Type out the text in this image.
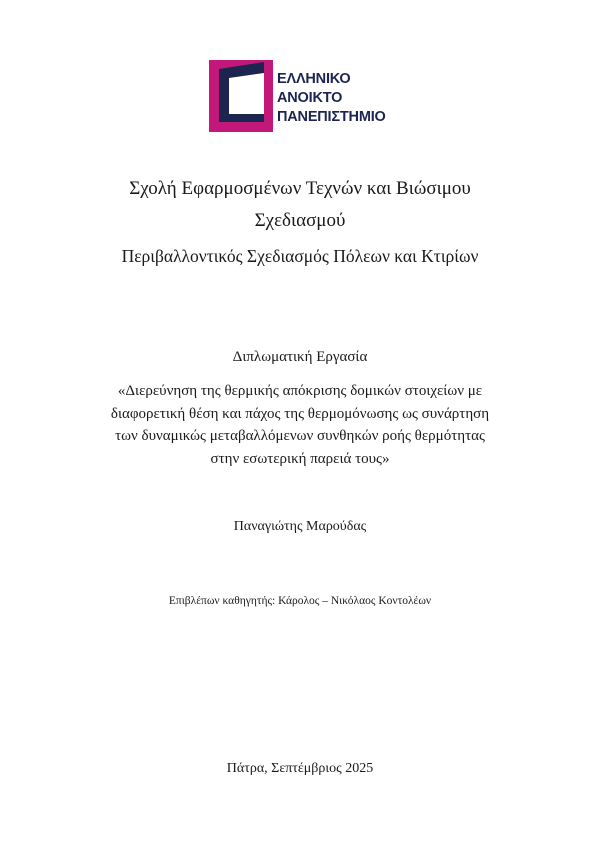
ΕΛΛΗΝΙΚΟ
ΑΝΟΙΚΤΟ
ΠΑΝΕΠΙΣΤΗΜΙΟ
Σχολή Εφαρμοσμένων Τεχνών και Βιώσιμου
Σχεδιασμού
Περιβαλλοντικός Σχεδιασμός Πόλεων και Κτιρίων
Διπλωματική Εργασία
«Διερεύνηση της θερμικής απόκρισης δομικών στοιχείων με
διαφορετική θέση και πάχος της θερμομόνωσης ως συνάρτηση
των δυναμικώς μεταβαλλόμενων συνθηκών ροής θερμότητας
στην εσωτερική παρειά τους»
Παναγιώτης Μαρούδας
Επιβλέπων καθηγητής: Κάρολος – Νικόλαος Κοντολέων
Πάτρα, Σεπτέμβριος 2025
